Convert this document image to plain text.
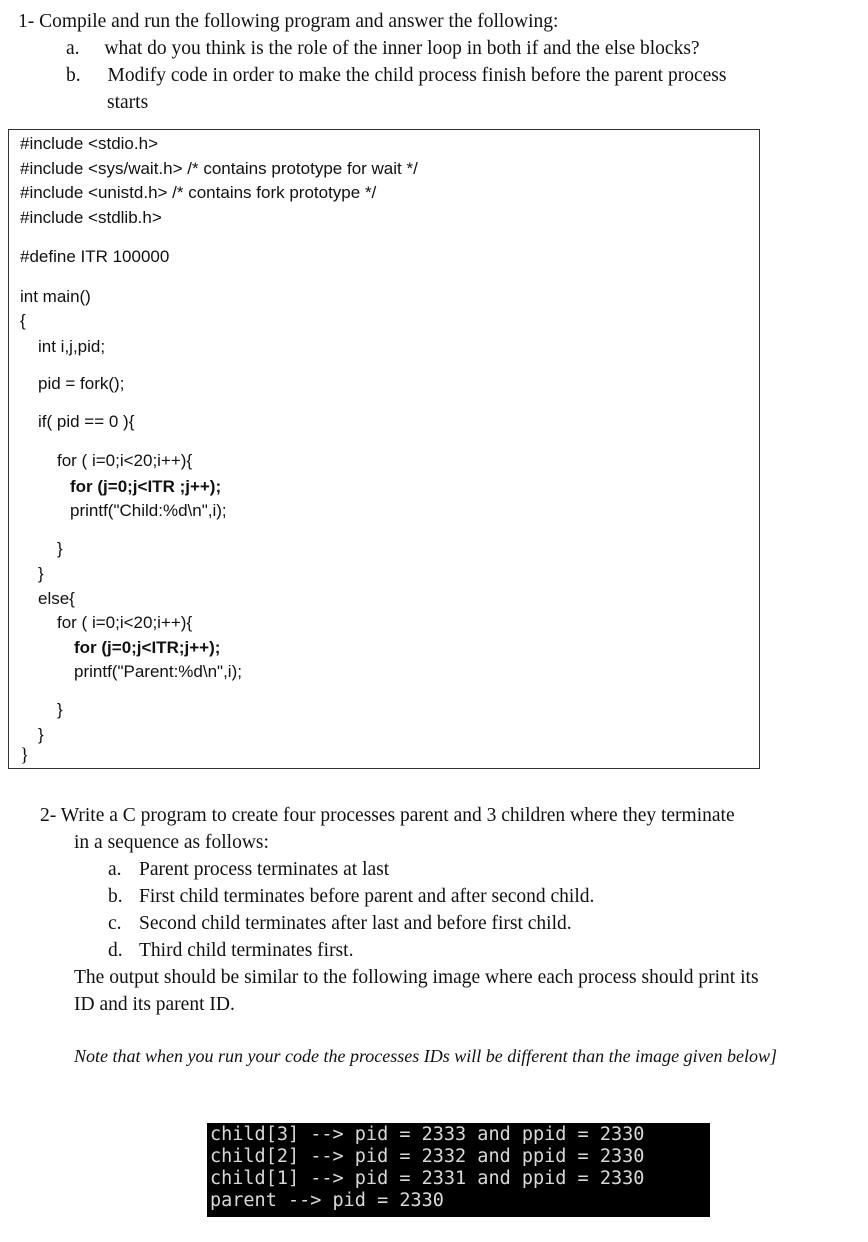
1- Compile and run the following program and answer the following:
a. what do you think is the role of the inner loop in both if and the else blocks?
b. Modify code in order to make the child process finish before the parent process
starts
#include <stdio.h>
#include <sys/wait.h> /* contains prototype for wait */
#include <unistd.h> /* contains fork prototype */
#include <stdlib.h>
#define ITR 100000
int main()
{
int i,j,pid;
pid = fork();
if( pid == 0 ){
for ( i=0;i<20;i++){
for (j=0;j<ITR ;j++);
printf("Child:%d\n",i);
}
}
else{
for ( i=0;i<20;i++){
for (j=0;j<ITR;j++);
printf("Parent:%d\n",i);
}
}
}
2- Write a C program to create four processes parent and 3 children where they terminate
in a sequence as follows:
a. Parent process terminates at last
b. First child terminates before parent and after second child.
c. Second child terminates after last and before first child.
d. Third child terminates first.
The output should be similar to the following image where each process should print its
ID and its parent ID.
Note that when you run your code the processes IDs will be different than the image given below]
child[3] --> pid = 2333 and ppid = 2330
child[2] --> pid = 2332 and ppid = 2330
child[1] --> pid = 2331 and ppid = 2330
parent --> pid = 2330
